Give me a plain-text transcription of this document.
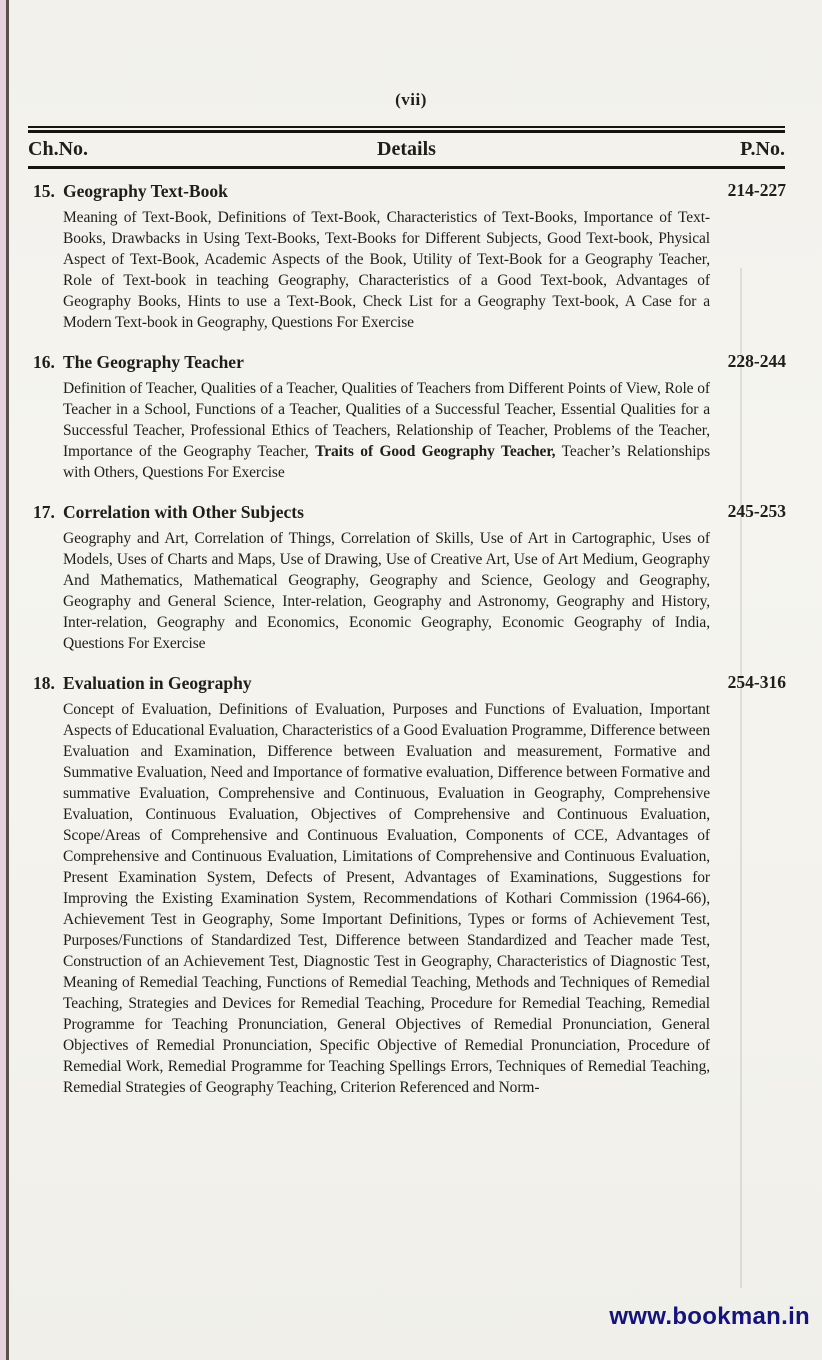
(vii)
Ch.No.	Details	P.No.
15. Geography Text-Book	214-227

Meaning of Text-Book, Definitions of Text-Book, Characteristics of Text-Books, Importance of Text-Books, Drawbacks in Using Text-Books, Text-Books for Different Subjects, Good Text-book, Physical Aspect of Text-Book, Academic Aspects of the Book, Utility of Text-Book for a Geography Teacher, Role of Text-book in teaching Geography, Characteristics of a Good Text-book, Advantages of Geography Books, Hints to use a Text-Book, Check List for a Geography Text-book, A Case for a Modern Text-book in Geography, Questions For Exercise

16. The Geography Teacher	228-244

Definition of Teacher, Qualities of a Teacher, Qualities of Teachers from Different Points of View, Role of Teacher in a School, Functions of a Teacher, Qualities of a Successful Teacher, Essential Qualities for a Successful Teacher, Professional Ethics of Teachers, Relationship of Teacher, Problems of the Teacher, Importance of the Geography Teacher, Traits of Good Geography Teacher, Teacher’s Relationships with Others, Questions For Exercise

17. Correlation with Other Subjects	245-253

Geography and Art, Correlation of Things, Correlation of Skills, Use of Art in Cartographic, Uses of Models, Uses of Charts and Maps, Use of Drawing, Use of Creative Art, Use of Art Medium, Geography And Mathematics, Mathematical Geography, Geography and Science, Geology and Geography, Geography and General Science, Inter-relation, Geography and Astronomy, Geography and History, Inter-relation, Geography and Economics, Economic Geography, Economic Geography of India, Questions For Exercise

18. Evaluation in Geography	254-316

Concept of Evaluation, Definitions of Evaluation, Purposes and Functions of Evaluation, Important Aspects of Educational Evaluation, Characteristics of a Good Evaluation Programme, Difference between Evaluation and Examination, Difference between Evaluation and measurement, Formative and Summative Evaluation, Need and Importance of formative evaluation, Difference between Formative and summative Evaluation, Comprehensive and Continuous, Evaluation in Geography, Comprehensive Evaluation, Continuous Evaluation, Objectives of Comprehensive and Continuous Evaluation, Scope/Areas of Comprehensive and Continuous Evaluation, Components of CCE, Advantages of Comprehensive and Continuous Evaluation, Limitations of Comprehensive and Continuous Evaluation, Present Examination System, Defects of Present, Advantages of Examinations, Suggestions for Improving the Existing Examination System, Recommendations of Kothari Commission (1964-66), Achievement Test in Geography, Some Important Definitions, Types or forms of Achievement Test, Purposes/Functions of Standardized Test, Difference between Standardized and Teacher made Test, Construction of an Achievement Test, Diagnostic Test in Geography, Characteristics of Diagnostic Test, Meaning of Remedial Teaching, Functions of Remedial Teaching, Methods and Techniques of Remedial Teaching, Strategies and Devices for Remedial Teaching, Procedure for Remedial Teaching, Remedial Programme for Teaching Pronunciation, General Objectives of Remedial Pronunciation, General Objectives of Remedial Pronunciation, Specific Objective of Remedial Pronunciation, Procedure of Remedial Work, Remedial Programme for Teaching Spellings Errors, Techniques of Remedial Teaching, Remedial Strategies of Geography Teaching, Criterion Referenced and Norm-

www.bookman.in
